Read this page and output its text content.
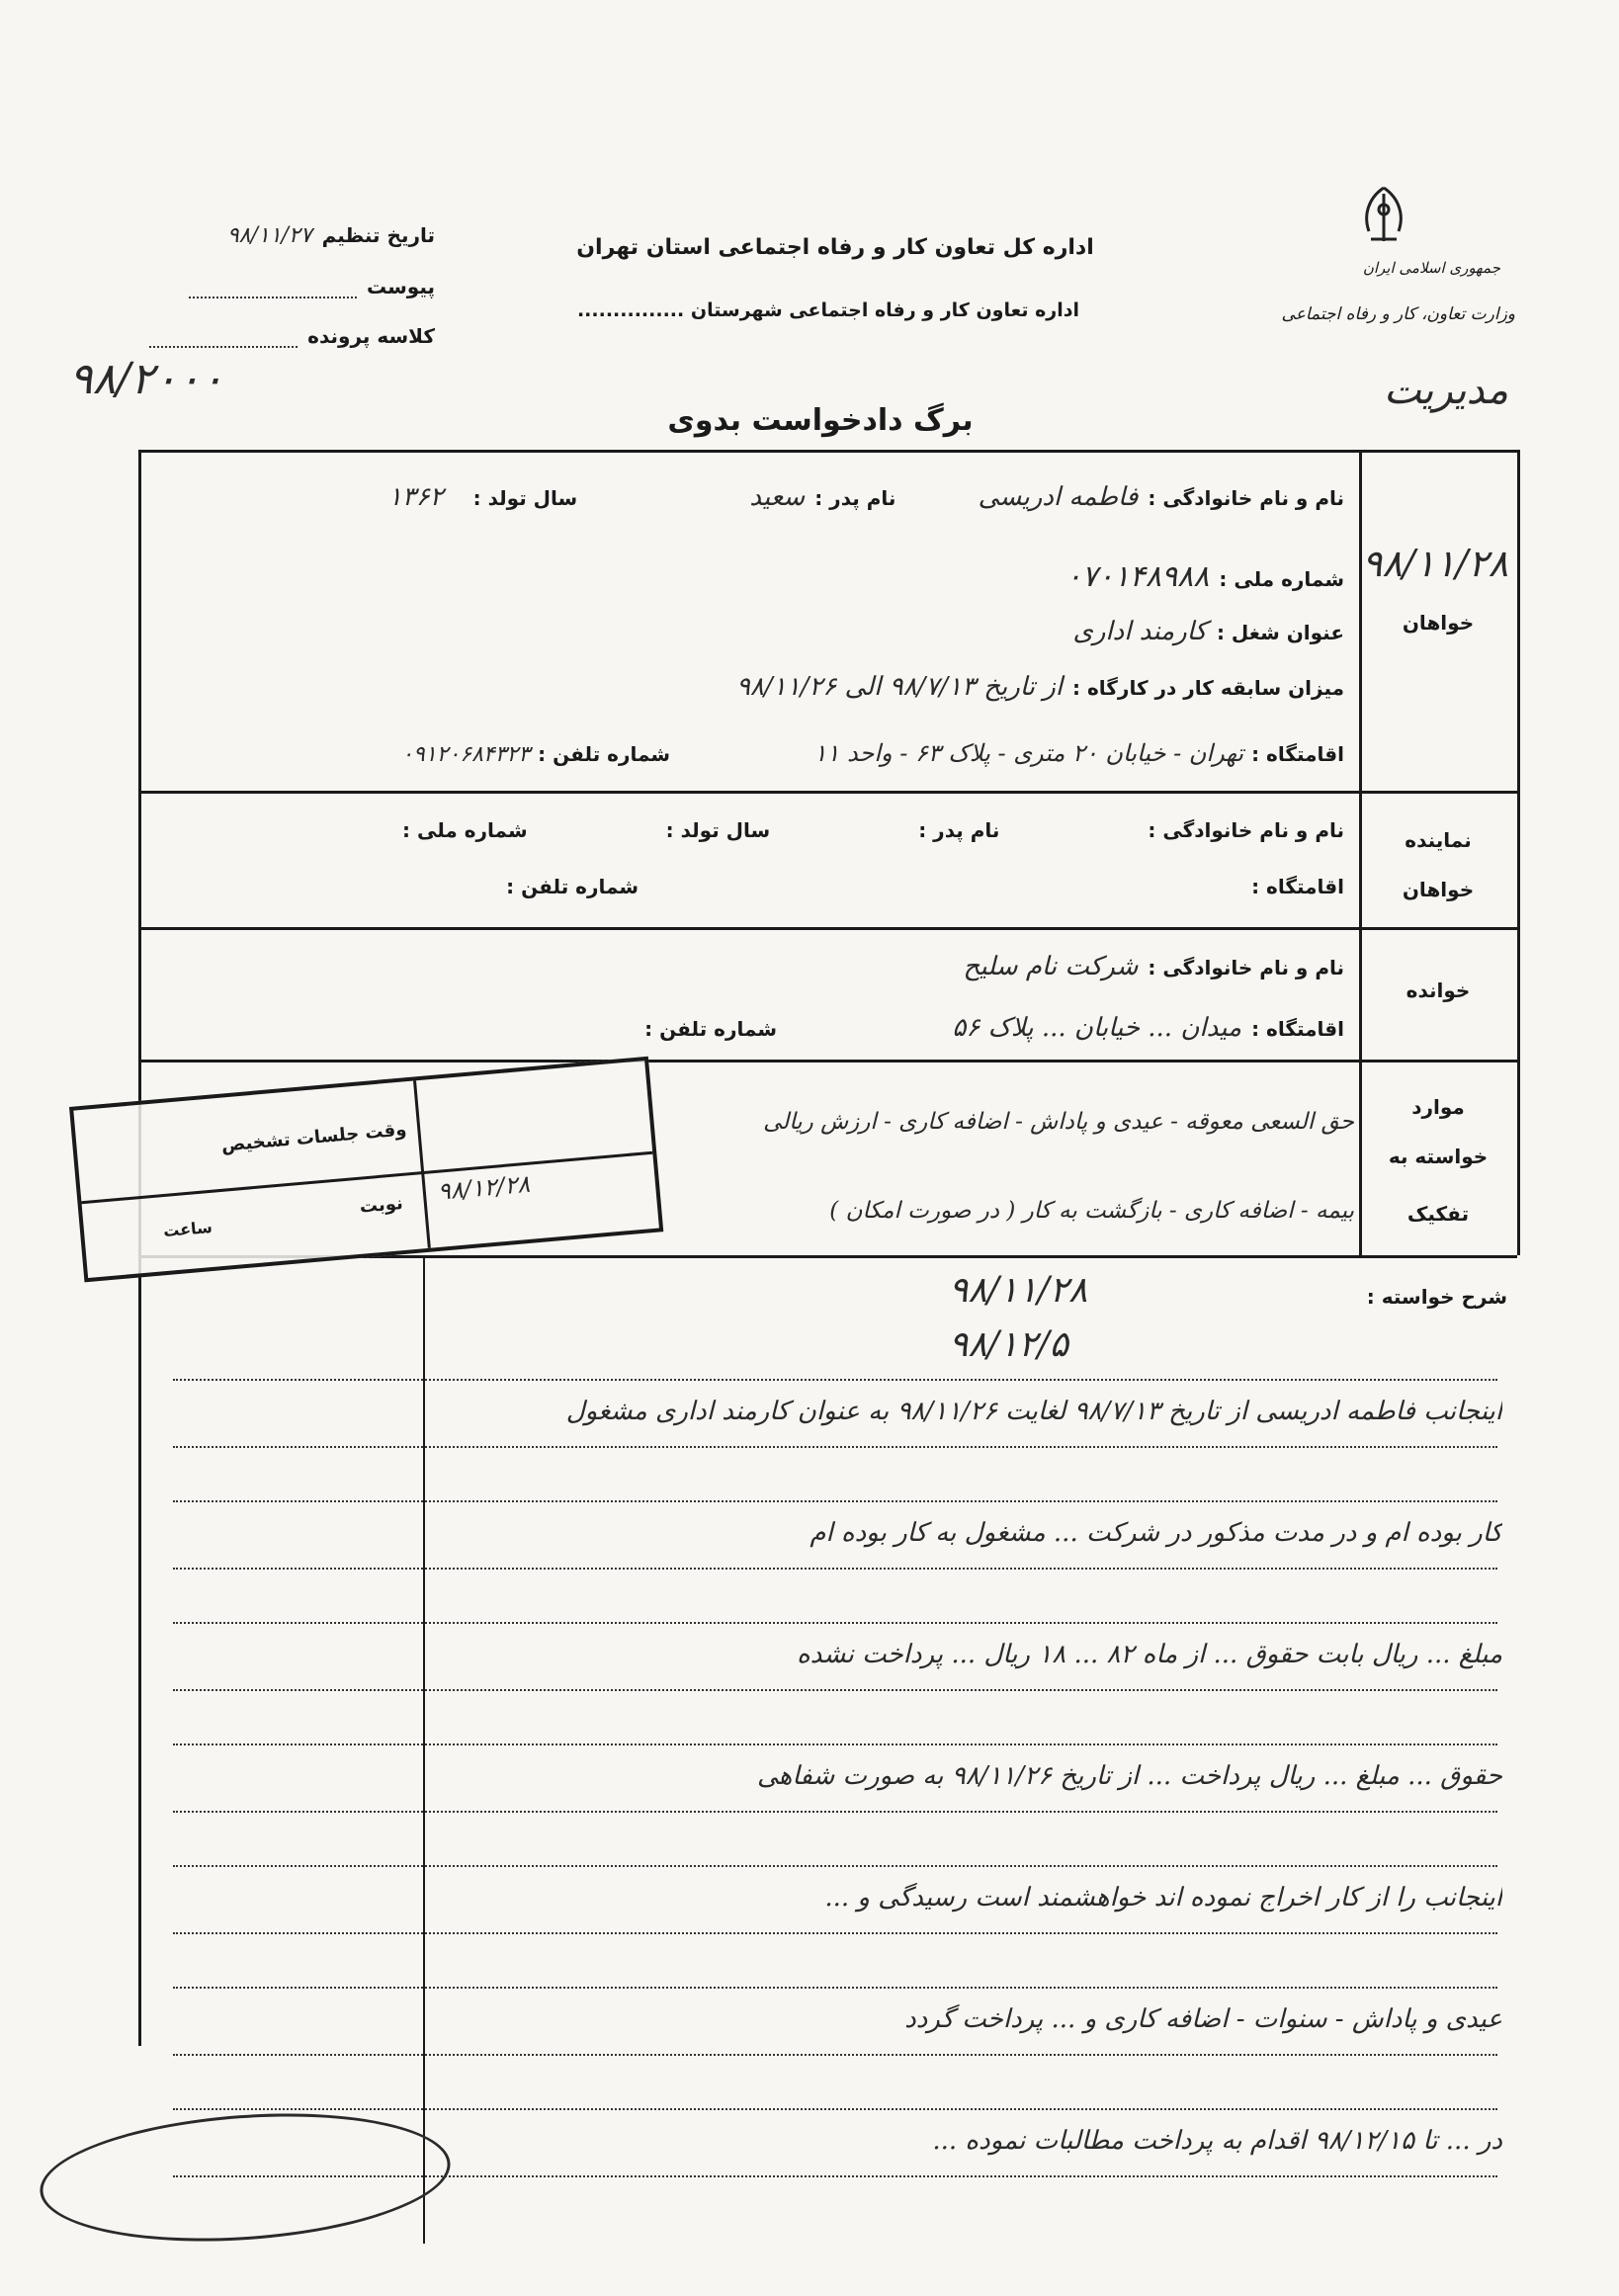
جمهوری اسلامی ایران
وزارت تعاون، کار و رفاه اجتماعی
مدیریت
اداره کل تعاون کار و رفاه اجتماعی استان تهران
اداره تعاون کار و رفاه اجتماعی شهرستان ...............
تاریخ تنظیم
۹۸/۱۱/۲۷
پیوست
کلاسه پرونده
۹۸/۲۰۰۰
برگ دادخواست بدوی
خواهان
۹۸/۱۱/۲۸
نام و نام خانوادگی :
فاطمه ادریسی
نام پدر :
سعید
سال تولد :
۱۳۶۲
شماره ملی :
۰۷۰۱۴۸۹۸۸
عنوان شغل :
کارمند اداری
میزان سابقه کار در کارگاه :
از تاریخ ۹۸/۷/۱۳ الی ۹۸/۱۱/۲۶
اقامتگاه :
تهران - خیابان ۲۰ متری - پلاک ۶۳ - واحد ۱۱
شماره تلفن :
۰۹۱۲۰۶۸۴۳۲۳
نماینده
خواهان
نام و نام خانوادگی :
نام پدر :
سال تولد :
شماره ملی :
اقامتگاه :
شماره تلفن :
خوانده
نام و نام خانوادگی :
شرکت نام سلیح
اقامتگاه :
میدان ... خیابان ... پلاک ۵۶
شماره تلفن :
موارد
خواسته به
تفکیک
حق السعی معوقه - عیدی و پاداش - اضافه کاری - ارزش ریالی
بیمه - اضافه کاری - بازگشت به کار ( در صورت امکان )
وقت جلسات تشخیص
نوبت
ساعت
۹۸/۱۲/۲۸
شرح خواسته :
۹۸/۱۱/۲۸
۹۸/۱۲/۵
اینجانب فاطمه ادریسی از تاریخ ۹۸/۷/۱۳ لغایت ۹۸/۱۱/۲۶ به عنوان کارمند اداری مشغول
کار بوده ام و در مدت مذکور در شرکت ... مشغول به کار بوده ام
مبلغ ... ریال بابت حقوق ... از ماه ۸۲ ... ۱۸ ریال ... پرداخت نشده
حقوق ... مبلغ ... ریال پرداخت ... از تاریخ ۹۸/۱۱/۲۶ به صورت شفاهی
اینجانب را از کار اخراج نموده اند خواهشمند است رسیدگی و ...
عیدی و پاداش - سنوات - اضافه کاری و ... پرداخت گردد
در ... تا ۹۸/۱۲/۱۵ اقدام به پرداخت مطالبات نموده ...
